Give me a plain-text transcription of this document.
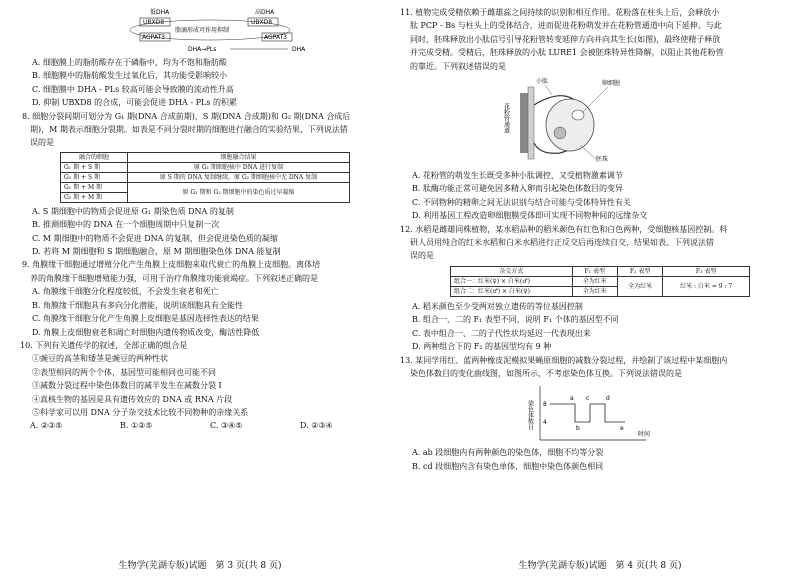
低DHA	高DHA
UBXD8	UBXD8
脂滴形成可作用抑制
AGPAT3	AGPAT3
DHA→PLs	DHA

A. 细胞膜上的脂肪酸存在于磷脂中，均为不饱和脂肪酸

B. 细胞膜中的脂肪酸发生过氧化后，其功能受影响较小

C. 细胞膜中 DHA - PLs 较高可能会导致膜的流动性升高

D. 抑制 UBXD8 的合成，可能会促进 DHA - PLs 的积累

8. 细胞分裂间期可划分为 G₁ 期(DNA 合成前期)，S 期(DNA 合成期)和 G₂ 期(DNA 合成后

期)，M 期表示细胞分裂期。如表是不同分裂时期的细胞进行融合的实验结果，下列说法错

误的是

融合的细胞	细胞融合结果
G₁ 期 + S 期	原 G₁ 期细胞核中 DNA 进行复制
G₂ 期 + S 期	原 S 期的 DNA 复制继续，原 G₂ 期细胞核中无 DNA 复制
G₁ 期 + M 期	原 G₁ 期和 G₂ 期细胞中的染色质过早凝缩
G₂ 期 + M 期	

A. S 期细胞中的物质会促进原 G₁ 期染色质 DNA 的复制

B. 推测细胞中的 DNA 在一个细胞周期中只复制一次

C. M 期细胞中的物质不会促进 DNA 的复制，但会促进染色质的凝缩

D. 若将 M 期细胞和 S 期细胞融合，原 M 期细胞染色体 DNA 能复制

9. 角膜缘干细胞通过增殖分化产生角膜上皮细胞来取代衰亡的角膜上皮细胞。离体培

养的角膜缘干细胞增殖能力强，可用于治疗角膜缘功能衰竭症。下列叙述正确的是

A. 角膜缘干细胞分化程度较低，不会发生衰老和死亡

B. 角膜缘干细胞具有多向分化潜能，说明该细胞具有全能性

C. 角膜缘干细胞分化产生角膜上皮细胞是基因选择性表达的结果

D. 角膜上皮细胞衰老和凋亡时细胞内遗传物质改变，酶活性降低

10. 下列有关遗传学的叙述，全部正确的组合是

①豌豆的高茎和矮茎是豌豆的两种性状

②表型相同的两个个体，基因型可能相同也可能不同

③减数分裂过程中染色体数目的减半发生在减数分裂 I

④真核生物的基因是具有遗传效应的 DNA 或 RNA 片段

⑤科学家可以用 DNA 分子杂交技术比较不同物种的亲缘关系

A. ②③⑤	B. ①②⑤	C. ③④⑤	D. ②③④
生物学(芜湖专版)试题　第 3 页(共 8 页)

11. 植物完成受精依赖于雌雄蕊之间持续的识别和相互作用。花粉落在柱头上后，会释放小

肽 PCP - Bs 与柱头上的受体结合，进而促进花粉萌发并在花粉管通道中向下延伸。与此

同时，胚珠释放出小肽信号引导花粉管转变延伸方向并向其生长(如图)，最终使精子释放

并完成受精。受精后，胚珠释放的小肽 LURE1 会被胚珠特异性降解，以阻止其他花粉管

的靠近。下列叙述错误的是

花粉管通道
小肽	卵细胞
胚珠

A. 花粉管的萌发生长既受多种小肽调控，又受植物激素调节

B. 肽酶功能正常可避免因多精入卵而引起染色体数目的变异

C. 不同物种的精卵之间无法识别与结合可能与受体特异性有关

D. 利用基因工程改造卵细胞膜受体即可实现不同物种间的远缘杂交

12. 水稻是雌雄同株植物，某水稻品种的稻米颜色有红色和白色两种，受细胞核基因控制。科

研人员用纯合的红米水稻和白米水稻进行正反交后再连续自交，结果如表。下列说法错

误的是

杂交方式	F₁ 表型	F₂ 表型	F₃ 表型
组合一：红米(♀) × 白米(♂)	全为红米	全为红米	红米 : 白米 = 9 : 7
组合二：红米(♂) × 白米(♀)	全为红米		

A. 稻米颜色至少受两对独立遗传的等位基因控制

B. 组合一、二的 F₁ 表型不同，说明 F₁ 个体的基因型不同

C. 表中组合一、二的子代性状均延迟一代表现出来

D. 两种组合下的 F₂ 的基因型均有 9 种

13. 某同学用红、蓝两种橡皮泥模拟果蝇原细胞的减数分裂过程，并绘制了该过程中某细胞内

染色体数目的变化曲线图，如图所示，不考虑染色体互换。下列说法错误的是

染色体数目
时间
8
4
a
b
c	d
e

A. ab 段细胞内有两种颜色的染色体，细胞不均等分裂

B. cd 段细胞内含有染色单体，细胞中染色体颜色相同

生物学(芜湖专版)试题　第 4 页(共 8 页)
